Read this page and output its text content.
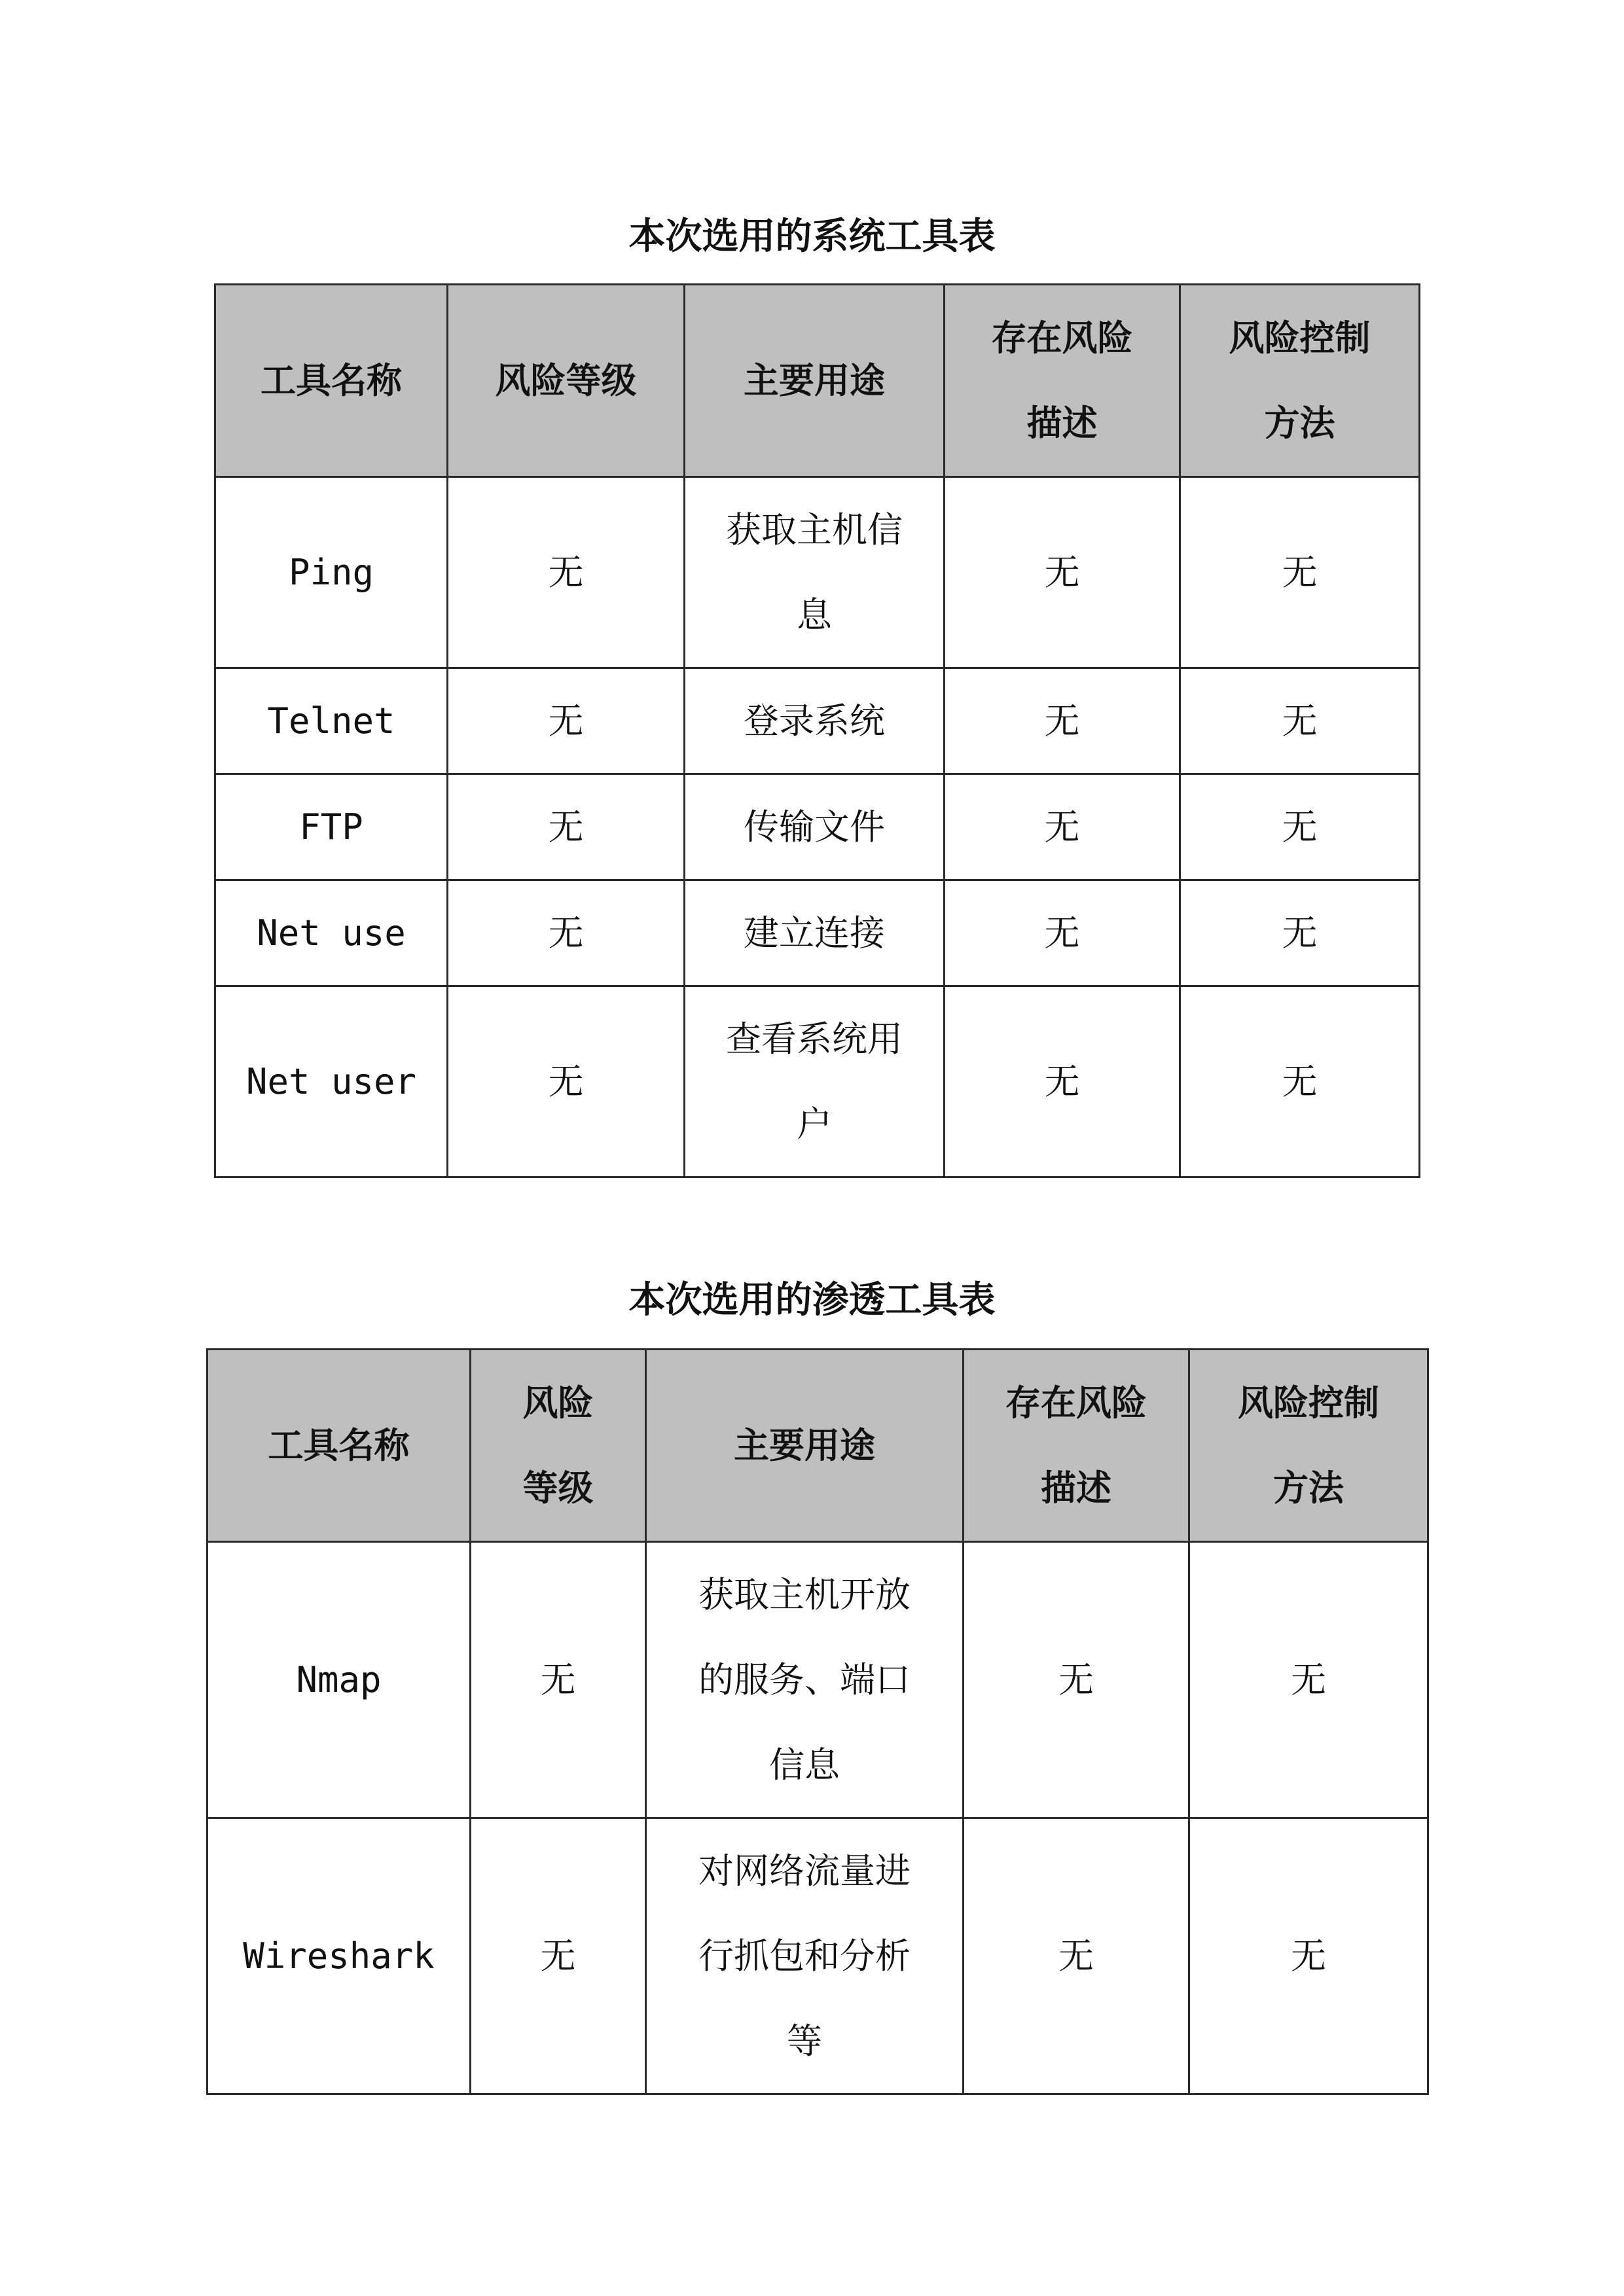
本次选用的系统工具表
工具名称	风险等级	主要用途	存在风险描述	风险控制方法
Ping	无	获取主机信息	无	无
Telnet	无	登录系统	无	无
FTP	无	传输文件	无	无
Net use	无	建立连接	无	无
Net user	无	查看系统用户	无	无
本次选用的渗透工具表
工具名称	风险等级	主要用途	存在风险描述	风险控制方法
Nmap	无	获取主机开放的服务、端口信息	无	无
Wireshark	无	对网络流量进行抓包和分析等	无	无
